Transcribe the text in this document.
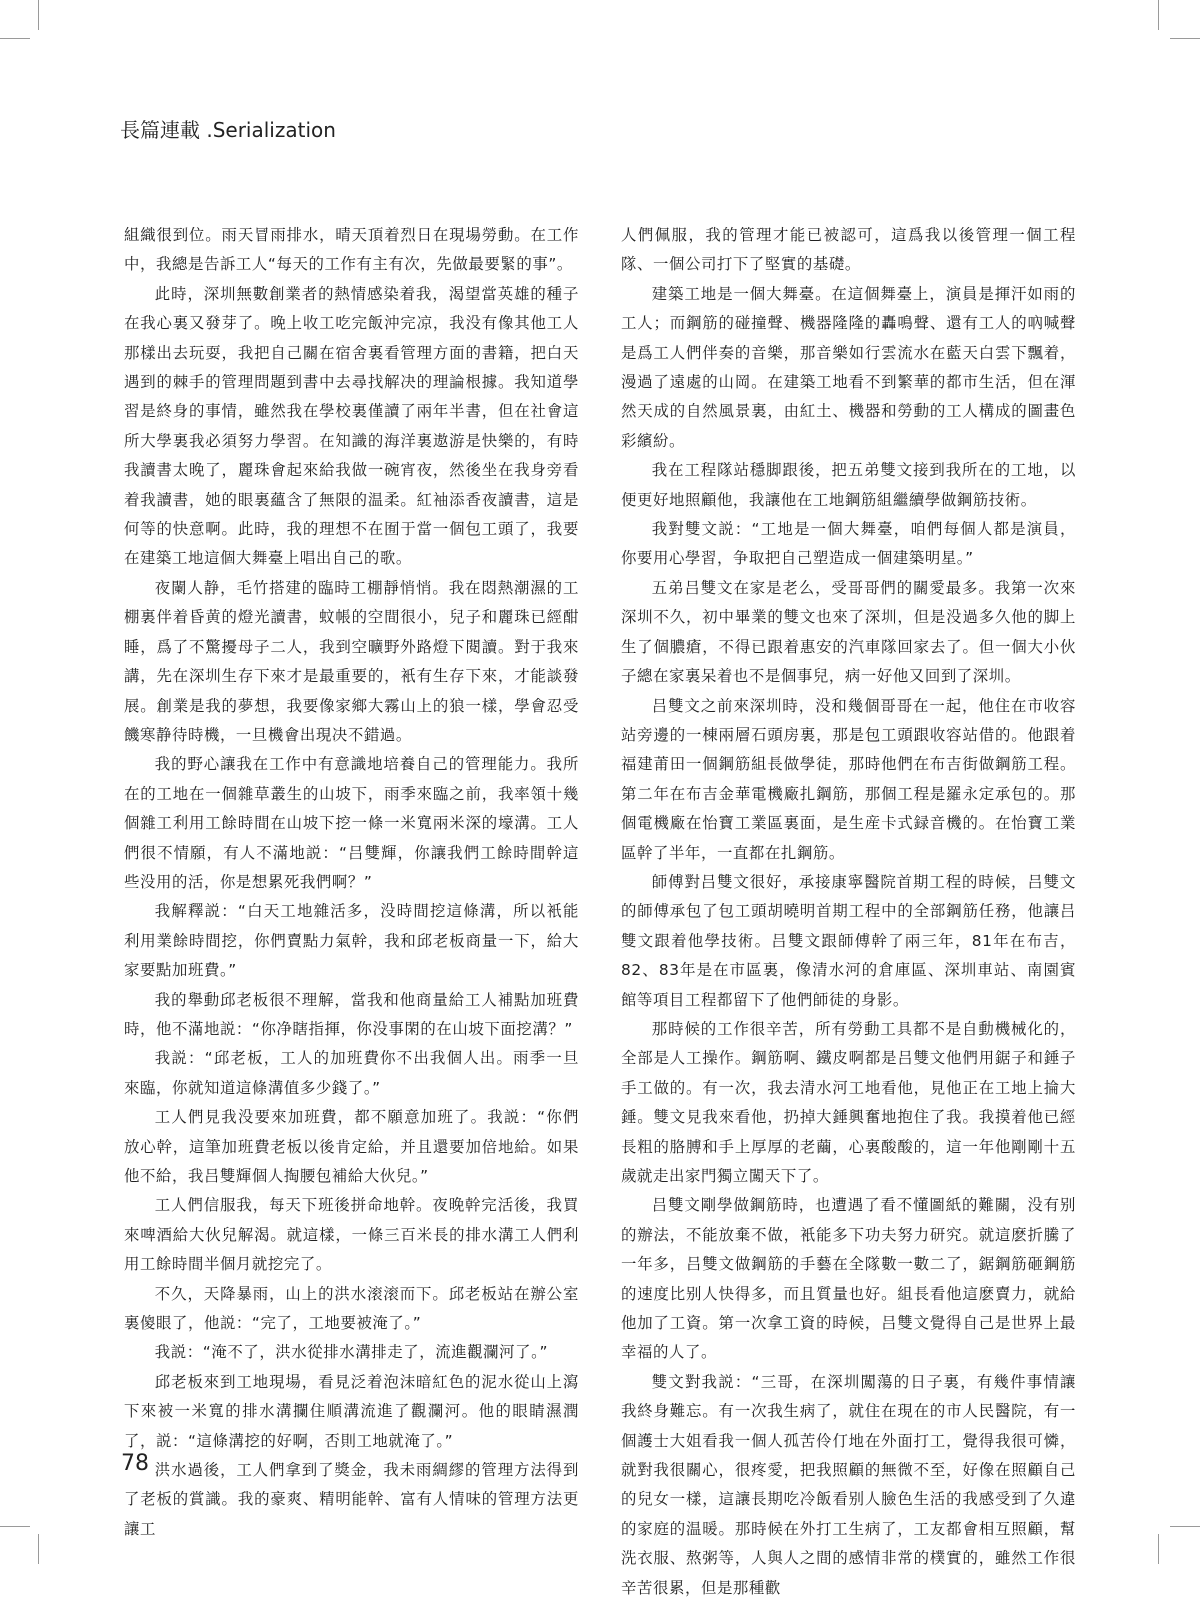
長篇連載 .Serialization

組織很到位。雨天冒雨排水，晴天頂着烈日在現場勞動。在工作中，我總是告訴工人“每天的工作有主有次，先做最要緊的事”。

此時，深圳無數創業者的熱情感染着我，渴望當英雄的種子在我心裏又發芽了。晚上收工吃完飯沖完凉，我没有像其他工人那樣出去玩耍，我把自己關在宿舍裏看管理方面的書籍，把白天遇到的棘手的管理問題到書中去尋找解决的理論根據。我知道學習是終身的事情，雖然我在學校裏僅讀了兩年半書，但在社會這所大學裏我必須努力學習。在知識的海洋裏遨游是快樂的，有時我讀書太晚了，麗珠會起來給我做一碗宵夜，然後坐在我身旁看着我讀書，她的眼裏蘊含了無限的温柔。紅袖添香夜讀書，這是何等的快意啊。此時，我的理想不在囿于當一個包工頭了，我要在建築工地這個大舞臺上唱出自己的歌。

夜闌人静，毛竹搭建的臨時工棚靜悄悄。我在悶熱潮濕的工棚裏伴着昏黄的燈光讀書，蚊帳的空間很小，兒子和麗珠已經酣睡，爲了不驚擾母子二人，我到空曠野外路燈下閱讀。對于我來講，先在深圳生存下來才是最重要的，衹有生存下來，才能談發展。創業是我的夢想，我要像家鄉大霧山上的狼一樣，學會忍受饑寒静待時機，一旦機會出現决不錯過。

我的野心讓我在工作中有意識地培養自己的管理能力。我所在的工地在一個雜草叢生的山坡下，雨季來臨之前，我率領十幾個雜工利用工餘時間在山坡下挖一條一米寬兩米深的壕溝。工人們很不情願，有人不滿地説：“吕雙輝，你讓我們工餘時間幹這些没用的活，你是想累死我們啊？”

我解釋説：“白天工地雜活多，没時間挖這條溝，所以衹能利用業餘時間挖，你們賣點力氣幹，我和邱老板商量一下，給大家要點加班費。”

我的舉動邱老板很不理解，當我和他商量給工人補點加班費時，他不滿地説：“你净瞎指揮，你没事閑的在山坡下面挖溝？”

我説：“邱老板，工人的加班費你不出我個人出。雨季一旦來臨，你就知道這條溝值多少錢了。”

工人們見我没要來加班費，都不願意加班了。我説：“你們放心幹，這筆加班費老板以後肯定給，并且還要加倍地給。如果他不給，我吕雙輝個人掏腰包補給大伙兒。”

工人們信服我，每天下班後拼命地幹。夜晚幹完活後，我買來啤酒給大伙兒解渴。就這樣，一條三百米長的排水溝工人們利用工餘時間半個月就挖完了。

不久，天降暴雨，山上的洪水滚滚而下。邱老板站在辦公室裏傻眼了，他説：“完了，工地要被淹了。”

我説：“淹不了，洪水從排水溝排走了，流進觀瀾河了。”

邱老板來到工地現場，看見泛着泡沫暗紅色的泥水從山上瀉下來被一米寬的排水溝攔住順溝流進了觀瀾河。他的眼睛濕潤了，説：“這條溝挖的好啊，否則工地就淹了。”

洪水過後，工人們拿到了獎金，我未雨綢繆的管理方法得到了老板的賞識。我的豪爽、精明能幹、富有人情味的管理方法更讓工

人們佩服，我的管理才能已被認可，這爲我以後管理一個工程隊、一個公司打下了堅實的基礎。

建築工地是一個大舞臺。在這個舞臺上，演員是揮汗如雨的工人；而鋼筋的碰撞聲、機器隆隆的轟鳴聲、還有工人的吶喊聲是爲工人們伴奏的音樂，那音樂如行雲流水在藍天白雲下飄着，漫過了遠處的山岡。在建築工地看不到繁華的都市生活，但在渾然天成的自然風景裏，由紅土、機器和勞動的工人構成的圖畫色彩繽紛。

我在工程隊站穩脚跟後，把五弟雙文接到我所在的工地，以便更好地照顧他，我讓他在工地鋼筋組繼續學做鋼筋技術。

我對雙文説：“工地是一個大舞臺，咱們每個人都是演員，你要用心學習，争取把自己塑造成一個建築明星。”

五弟吕雙文在家是老么，受哥哥們的關愛最多。我第一次來深圳不久，初中畢業的雙文也來了深圳，但是没過多久他的脚上生了個膿瘡，不得已跟着惠安的汽車隊回家去了。但一個大小伙子總在家裏呆着也不是個事兒，病一好他又回到了深圳。

吕雙文之前來深圳時，没和幾個哥哥在一起，他住在市收容站旁邊的一棟兩層石頭房裏，那是包工頭跟收容站借的。他跟着福建莆田一個鋼筋組長做學徒，那時他們在布吉街做鋼筋工程。第二年在布吉金華電機廠扎鋼筋，那個工程是羅永定承包的。那個電機廠在怡寶工業區裏面，是生産卡式録音機的。在怡寶工業區幹了半年，一直都在扎鋼筋。

師傅對吕雙文很好，承接康寧醫院首期工程的時候，吕雙文的師傅承包了包工頭胡曉明首期工程中的全部鋼筋任務，他讓吕雙文跟着他學技術。吕雙文跟師傅幹了兩三年，81年在布吉，82、83年是在市區裏，像清水河的倉庫區、深圳車站、南園賓館等項目工程都留下了他們師徒的身影。

那時候的工作很辛苦，所有勞動工具都不是自動機械化的，全部是人工操作。鋼筋啊、鐵皮啊都是吕雙文他們用鋸子和錘子手工做的。有一次，我去清水河工地看他，見他正在工地上掄大錘。雙文見我來看他，扔掉大錘興奮地抱住了我。我摸着他已經長粗的胳膊和手上厚厚的老繭，心裏酸酸的，這一年他剛剛十五歲就走出家門獨立闖天下了。

吕雙文剛學做鋼筋時，也遭遇了看不懂圖紙的難關，没有别的辦法，不能放棄不做，衹能多下功夫努力研究。就這麽折騰了一年多，吕雙文做鋼筋的手藝在全隊數一數二了，鋸鋼筋砸鋼筋的速度比别人快得多，而且質量也好。組長看他這麽賣力，就給他加了工資。第一次拿工資的時候，吕雙文覺得自己是世界上最幸福的人了。

雙文對我説：“三哥，在深圳闖蕩的日子裏，有幾件事情讓我終身難忘。有一次我生病了，就住在現在的市人民醫院，有一個護士大姐看我一個人孤苦伶仃地在外面打工，覺得我很可憐，就對我很關心，很疼愛，把我照顧的無微不至，好像在照顧自己的兒女一樣，這讓長期吃冷飯看别人臉色生活的我感受到了久違的家庭的温暖。那時候在外打工生病了，工友都會相互照顧，幫洗衣服、熬粥等，人與人之間的感情非常的樸實的，雖然工作很辛苦很累，但是那種歡

78
